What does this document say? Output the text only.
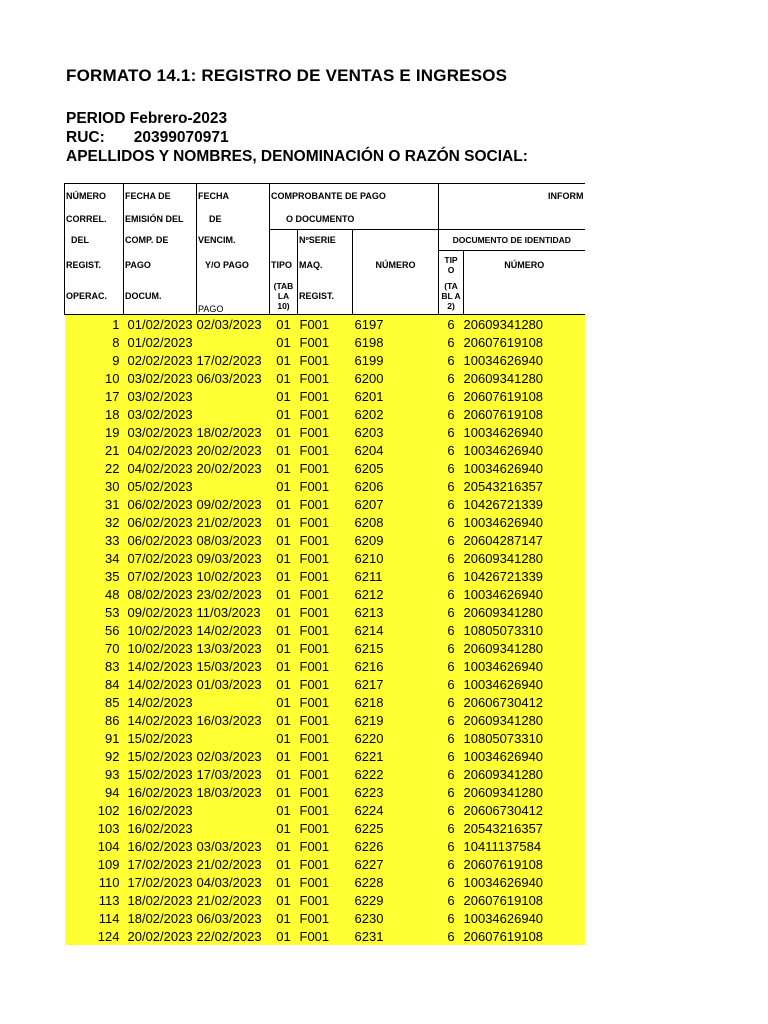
FORMATO 14.1: REGISTRO DE VENTAS E INGRESOS
PERIOD Febrero-2023
RUC: 20399070971
APELLIDOS Y NOMBRES, DENOMINACIÓN O RAZÓN SOCIAL:
NÚMERO	FECHA DE	FECHA	COMPROBANTE DE PAGO			INFORM	
CORREL.	EMISIÓN DEL	DE	O DOCUMENTO				
DEL	COMP. DE	VENCIM.		NºSERIE		DOCUMENTO DE IDENTIDAD	
REGIST.	PAGO	Y/O PAGO	TIPO	MAQ.	NÚMERO	TIP O	NÚMERO
OPERAC.	DOCUM.	PAGO	(TAB LA 10)	REGIST.		(TA BL A 2)	
1	01/02/2023	02/03/2023	01	F001	6197	6	20609341280
8	01/02/2023		01	F001	6198	6	20607619108
9	02/02/2023	17/02/2023	01	F001	6199	6	10034626940
10	03/02/2023	06/03/2023	01	F001	6200	6	20609341280
17	03/02/2023		01	F001	6201	6	20607619108
18	03/02/2023		01	F001	6202	6	20607619108
19	03/02/2023	18/02/2023	01	F001	6203	6	10034626940
21	04/02/2023	20/02/2023	01	F001	6204	6	10034626940
22	04/02/2023	20/02/2023	01	F001	6205	6	10034626940
30	05/02/2023		01	F001	6206	6	20543216357
31	06/02/2023	09/02/2023	01	F001	6207	6	10426721339
32	06/02/2023	21/02/2023	01	F001	6208	6	10034626940
33	06/02/2023	08/03/2023	01	F001	6209	6	20604287147
34	07/02/2023	09/03/2023	01	F001	6210	6	20609341280
35	07/02/2023	10/02/2023	01	F001	6211	6	10426721339
48	08/02/2023	23/02/2023	01	F001	6212	6	10034626940
53	09/02/2023	11/03/2023	01	F001	6213	6	20609341280
56	10/02/2023	14/02/2023	01	F001	6214	6	10805073310
70	10/02/2023	13/03/2023	01	F001	6215	6	20609341280
83	14/02/2023	15/03/2023	01	F001	6216	6	10034626940
84	14/02/2023	01/03/2023	01	F001	6217	6	10034626940
85	14/02/2023		01	F001	6218	6	20606730412
86	14/02/2023	16/03/2023	01	F001	6219	6	20609341280
91	15/02/2023		01	F001	6220	6	10805073310
92	15/02/2023	02/03/2023	01	F001	6221	6	10034626940
93	15/02/2023	17/03/2023	01	F001	6222	6	20609341280
94	16/02/2023	18/03/2023	01	F001	6223	6	20609341280
102	16/02/2023		01	F001	6224	6	20606730412
103	16/02/2023		01	F001	6225	6	20543216357
104	16/02/2023	03/03/2023	01	F001	6226	6	10411137584
109	17/02/2023	21/02/2023	01	F001	6227	6	20607619108
110	17/02/2023	04/03/2023	01	F001	6228	6	10034626940
113	18/02/2023	21/02/2023	01	F001	6229	6	20607619108
114	18/02/2023	06/03/2023	01	F001	6230	6	10034626940
124	20/02/2023	22/02/2023	01	F001	6231	6	20607619108
